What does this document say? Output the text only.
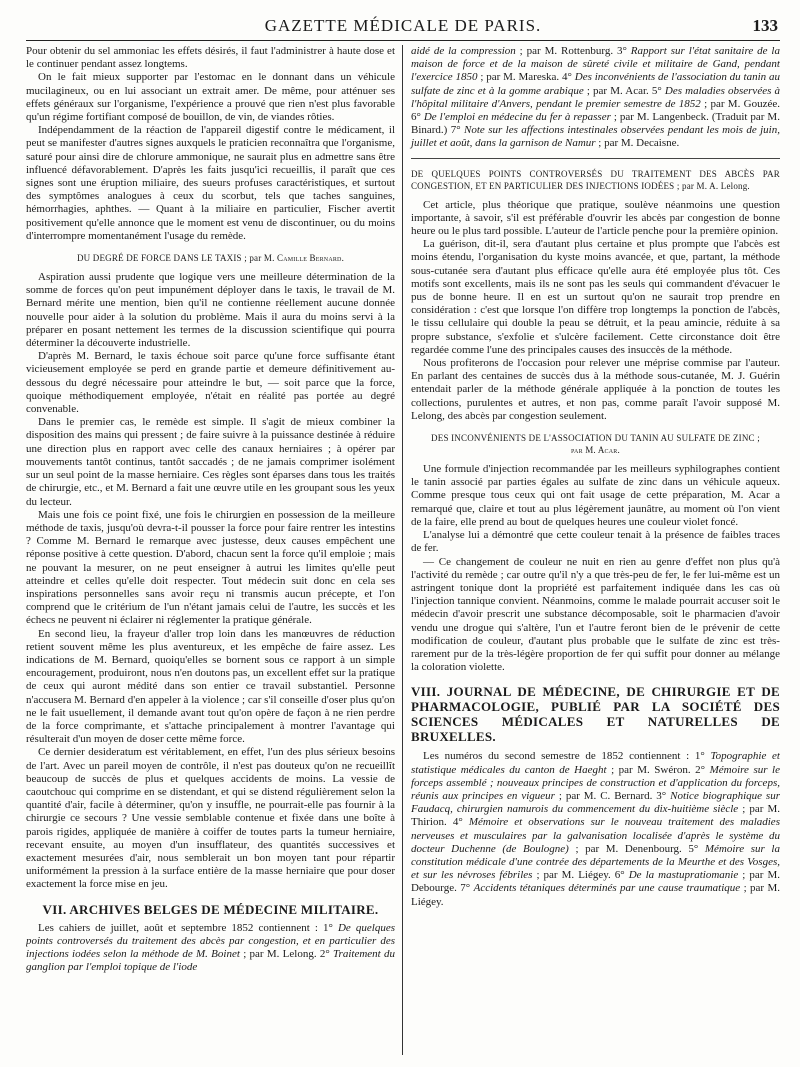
GAZETTE MÉDICALE DE PARIS.	133

Pour obtenir du sel ammoniac les effets désirés, il faut l'administrer à haute dose et le continuer pendant assez longtems.

On le fait mieux supporter par l'estomac en le donnant dans un véhicule mucilagineux, ou en lui associant un extrait amer. De même, pour atténuer ses effets généraux sur l'organisme, l'expérience a prouvé que rien n'est plus favorable qu'un régime fortifiant composé de bouillon, de vin, de viandes rôties.

Indépendamment de la réaction de l'appareil digestif contre le médicament, il peut se manifester d'autres signes auxquels le praticien reconnaîtra que l'organisme, saturé pour ainsi dire de chlorure ammonique, ne saurait plus en admettre sans être influencé défavorablement. D'après les faits jusqu'ici recueillis, il paraît que ces signes sont une éruption miliaire, des sueurs profuses caractéristiques, et surtout des symptômes analogues à ceux du scorbut, tels que taches sanguines, hémorrhagies, aphthes. — Quant à la miliaire en particulier, Fischer avertit positivement qu'elle annonce que le moment est venu de discontinuer, ou du moins d'interrompre momentanément l'usage du remède.

DU DEGRÉ DE FORCE DANS LE TAXIS ; par M. Camille Bernard.

Aspiration aussi prudente que logique vers une meilleure détermination de la somme de forces qu'on peut impunément déployer dans le taxis, le travail de M. Bernard mérite une mention, bien qu'il ne contienne réellement aucune donnée nouvelle pour aider à la solution du problème. Mais il aura du moins servi à la préparer en posant nettement les termes de la discussion scientifique qui pourra déterminer la découverte industrielle.

D'après M. Bernard, le taxis échoue soit parce qu'une force suffisante étant vicieusement employée se perd en grande partie et demeure définitivement au-dessous du degré nécessaire pour atteindre le but, — soit parce que la force, quoique méthodiquement employée, n'était en réalité pas portée au degré convenable.

Dans le premier cas, le remède est simple. Il s'agit de mieux combiner la disposition des mains qui pressent ; de faire suivre à la puissance destinée à réduire une direction plus en rapport avec celle des canaux herniaires ; à opérer par mouvements tantôt continus, tantôt saccadés ; de ne jamais comprimer isolément sur un seul point de la masse herniaire. Ces règles sont éparses dans tous les traités de chirurgie, etc., et M. Bernard a fait une œuvre utile en les groupant sous les yeux du lecteur.

Mais une fois ce point fixé, une fois le chirurgien en possession de la meilleure méthode de taxis, jusqu'où devra-t-il pousser la force pour faire rentrer les intestins ? Comme M. Bernard le remarque avec justesse, deux causes empêchent une réponse positive à cette question. D'abord, chacun sent la force qu'il emploie ; mais ne pouvant la mesurer, on ne peut enseigner à autrui les limites qu'elle peut atteindre et celles qu'elle doit respecter. Tout médecin suit donc en cela ses inspirations personnelles sans avoir reçu ni transmis aucun précepte, et l'on comprend que le critérium de l'un n'étant jamais celui de l'autre, les succès et les échecs ne peuvent ni éclairer ni réglementer la pratique générale.

En second lieu, la frayeur d'aller trop loin dans les manœuvres de réduction retient souvent même les plus aventureux, et les empêche de faire assez. Les indications de M. Bernard, quoiqu'elles se bornent sous ce rapport à un simple encouragement, produiront, nous n'en doutons pas, un excellent effet sur la pratique de ceux qui auront médité dans son entier ce travail substantiel. Personne n'accusera M. Bernard d'en appeler à la violence ; car s'il conseille d'oser plus qu'on ne le fait usuellement, il demande avant tout qu'on opère de façon à ne rien perdre de la force comprimante, et s'attache principalement à montrer l'avantage qui résulterait d'un moyen de doser cette même force.

Ce dernier desideratum est véritablement, en effet, l'un des plus sérieux besoins de l'art. Avec un pareil moyen de contrôle, il n'est pas douteux qu'on ne recueillît beaucoup de succès de plus et quelques accidents de moins. La vessie de caoutchouc qui comprime en se distendant, et qui se distend régulièrement selon la quantité d'air, facile à déterminer, qu'on y insuffle, ne pourrait-elle pas fournir à la chirurgie ce secours ? Une vessie semblable contenue et fixée dans une boîte à parois rigides, appliquée de manière à coiffer de toutes parts la tumeur herniaire, recevant ensuite, au moyen d'un insufflateur, des quantités successives et exactement mesurées d'air, nous semblerait un bon moyen tant pour répartir uniformément la pression à la surface entière de la masse herniaire que pour doser exactement la force mise en jeu.

VII. ARCHIVES BELGES DE MÉDECINE MILITAIRE.

Les cahiers de juillet, août et septembre 1852 contiennent : 1° De quelques points controversés du traitement des abcès par congestion, et en particulier des injections iodées selon la méthode de M. Boinet ; par M. Lelong. 2° Traitement du ganglion par l'emploi topique de l'iode

aidé de la compression ; par M. Rottenburg. 3° Rapport sur l'état sanitaire de la maison de force et de la maison de sûreté civile et militaire de Gand, pendant l'exercice 1850 ; par M. Mareska. 4° Des inconvénients de l'association du tanin au sulfate de zinc et à la gomme arabique ; par M. Acar. 5° Des maladies observées à l'hôpital militaire d'Anvers, pendant le premier semestre de 1852 ; par M. Gouzée. 6° De l'emploi en médecine du fer à repasser ; par M. Langenbeck. (Traduit par M. Binard.) 7° Note sur les affections intestinales observées pendant les mois de juin, juillet et août, dans la garnison de Namur ; par M. Decaisne.

DE QUELQUES POINTS CONTROVERSÉS DU TRAITEMENT DES ABCÈS PAR CONGESTION, ET EN PARTICULIER DES INJECTIONS IODÉES ; par M. A. Lelong.

Cet article, plus théorique que pratique, soulève néanmoins une question importante, à savoir, s'il est préférable d'ouvrir les abcès par congestion de bonne heure ou le plus tard possible. L'auteur de l'article penche pour la première opinion.

La guérison, dit-il, sera d'autant plus certaine et plus prompte que l'abcès est moins étendu, l'organisation du kyste moins avancée, et que, partant, la méthode sous-cutanée sera d'autant plus efficace qu'elle aura été employée plus tôt. Ces motifs sont excellents, mais ils ne sont pas les seuls qui commandent d'évacuer le pus de bonne heure. Il en est un surtout qu'on ne saurait trop prendre en considération : c'est que lorsque l'on diffère trop longtemps la ponction de l'abcès, le tissu cellulaire qui double la peau se détruit, et la peau amincie, réduite à sa propre substance, s'exfolie et s'ulcère facilement. Cette circonstance doit être regardée comme l'une des principales causes des insuccès de la méthode.

Nous profiterons de l'occasion pour relever une méprise commise par l'auteur. En parlant des centaines de succès dus à la méthode sous-cutanée, M. J. Guérin entendait parler de la méthode générale appliquée à la ponction de toutes les collections, purulentes et autres, et non pas, comme paraît l'avoir supposé M. Lelong, des abcès par congestion seulement.

DES INCONVÉNIENTS DE L'ASSOCIATION DU TANIN AU SULFATE DE ZINC ;
par M. Acar.

Une formule d'injection recommandée par les meilleurs syphilographes contient le tanin associé par parties égales au sulfate de zinc dans un véhicule aqueux. Comme presque tous ceux qui ont fait usage de cette préparation, M. Acar a remarqué que, claire et tout au plus légèrement jaunâtre, au moment où l'on vient de la faire, elle prend au bout de quelques heures une couleur violet foncé.

L'analyse lui a démontré que cette couleur tenait à la présence de faibles traces de fer.

— Ce changement de couleur ne nuit en rien au genre d'effet non plus qu'à l'activité du remède ; car outre qu'il n'y a que très-peu de fer, le fer lui-même est un astringent tonique dont la propriété est parfaitement indiquée dans les cas où l'injection tannique convient. Néanmoins, comme le malade pourrait accuser soit le médecin d'avoir prescrit une substance décomposable, soit le pharmacien d'avoir vendu une drogue qui s'altère, l'un et l'autre feront bien de le prévenir de cette modification de couleur, d'autant plus probable que le sulfate de zinc est très-rarement pur de la très-légère proportion de fer qui suffit pour donner au mélange la coloration violette.

VIII. JOURNAL DE MÉDECINE, DE CHIRURGIE ET DE PHARMACOLOGIE, PUBLIÉ PAR LA SOCIÉTÉ DES SCIENCES MÉDICALES ET NATURELLES DE BRUXELLES.

Les numéros du second semestre de 1852 contiennent : 1° Topographie et statistique médicales du canton de Haeght ; par M. Swéron. 2° Mémoire sur le forceps assemblé ; nouveaux principes de construction et d'application du forceps, réunis aux principes en vigueur ; par M. C. Bernard. 3° Notice biographique sur Faudacq, chirurgien namurois du commencement du dix-huitième siècle ; par M. Thirion. 4° Mémoire et observations sur le nouveau traitement des maladies nerveuses et musculaires par la galvanisation localisée d'après le système du docteur Duchenne (de Boulogne) ; par M. Denenbourg. 5° Mémoire sur la constitution médicale d'une contrée des départements de la Meurthe et des Vosges, et sur les névroses fébriles ; par M. Liégey. 6° De la mastupratiomanie ; par M. Debourge. 7° Accidents tétaniques déterminés par une cause traumatique ; par M. Liégey.
